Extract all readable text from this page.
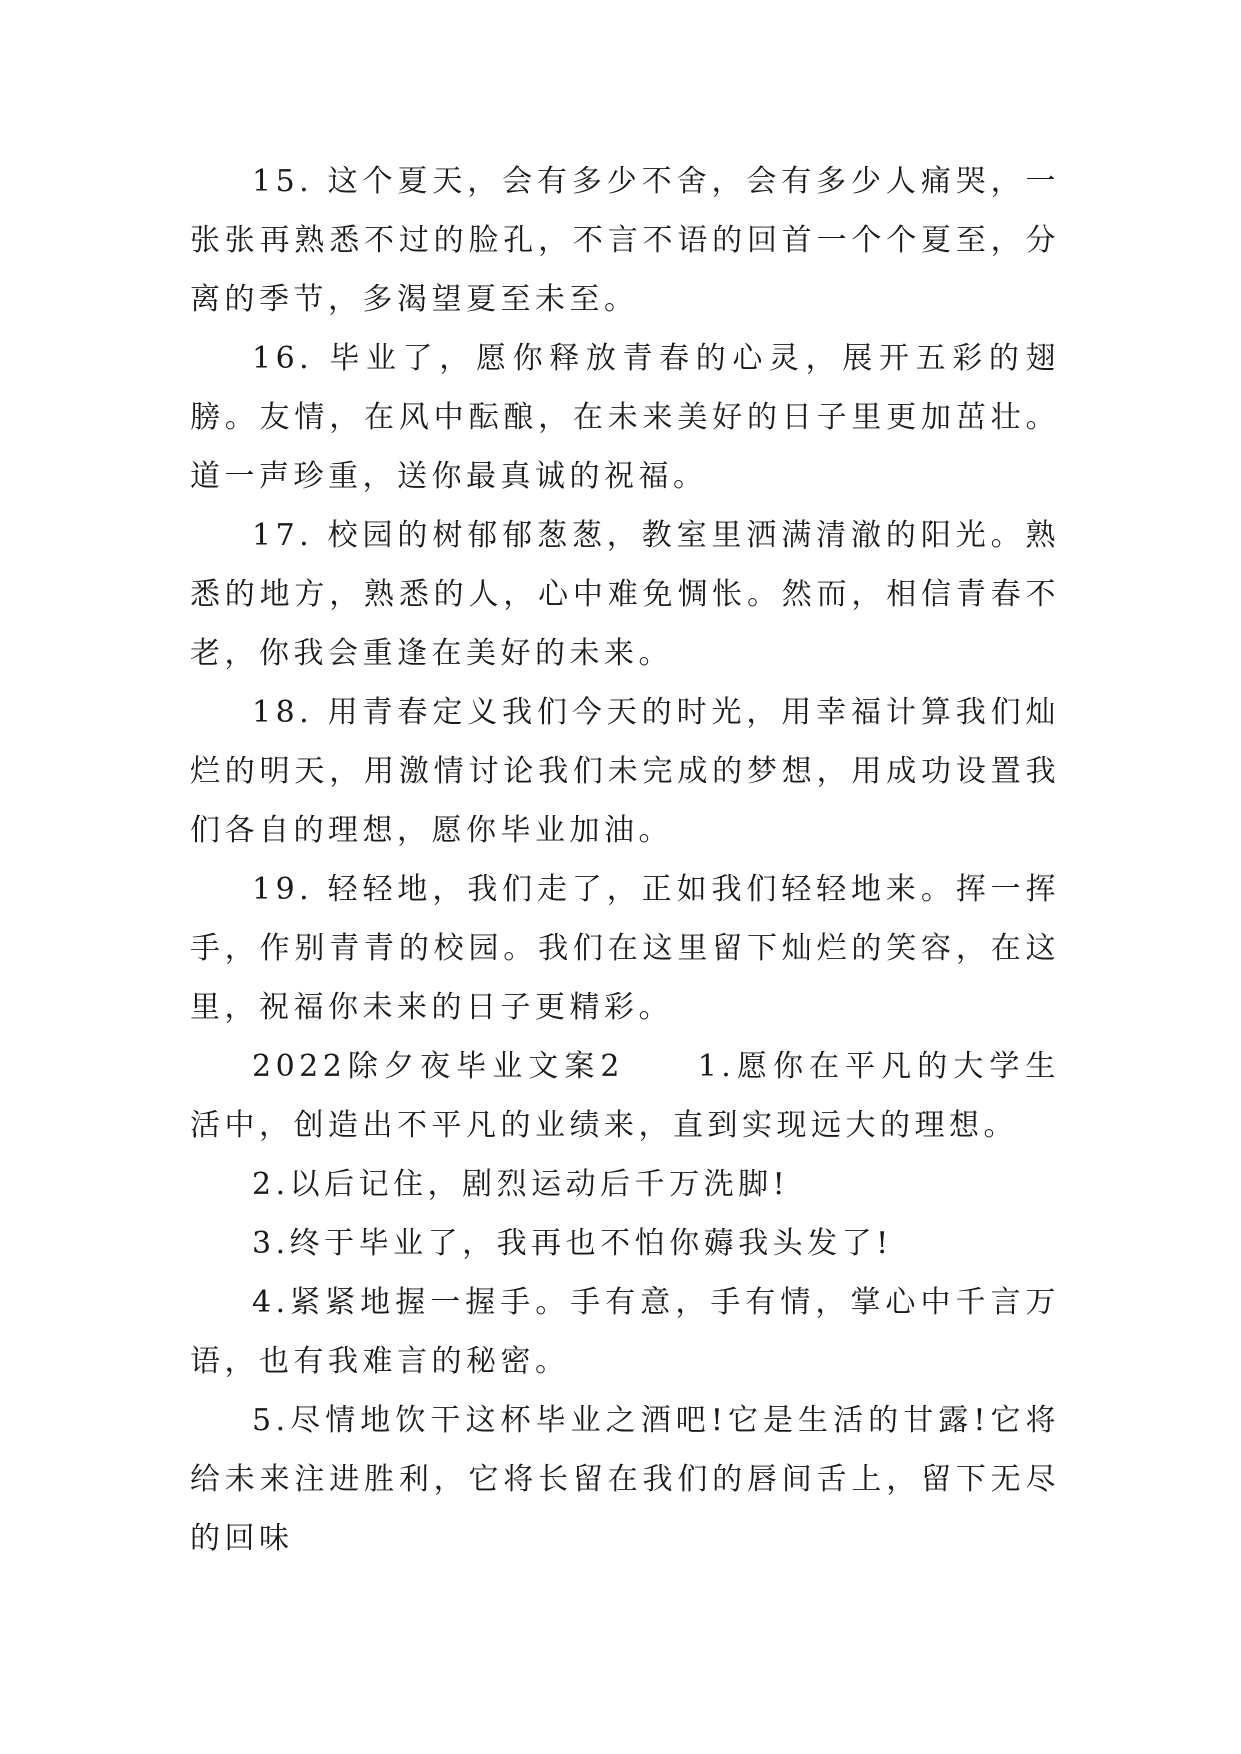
15. 这个夏天，会有多少不舍，会有多少人痛哭，一张张再熟悉不过的脸孔，不言不语的回首一个个夏至，分离的季节，多渴望夏至未至。

16. 毕业了，愿你释放青春的心灵，展开五彩的翅膀。友情，在风中酝酿，在未来美好的日子里更加茁壮。道一声珍重，送你最真诚的祝福。

17. 校园的树郁郁葱葱，教室里洒满清澈的阳光。熟悉的地方，熟悉的人，心中难免惆怅。然而，相信青春不老，你我会重逢在美好的未来。

18. 用青春定义我们今天的时光，用幸福计算我们灿烂的明天，用激情讨论我们未完成的梦想，用成功设置我们各自的理想，愿你毕业加油。

19. 轻轻地，我们走了，正如我们轻轻地来。挥一挥手，作别青青的校园。我们在这里留下灿烂的笑容，在这里，祝福你未来的日子更精彩。

2022除夕夜毕业文案2　　1.愿你在平凡的大学生活中，创造出不平凡的业绩来，直到实现远大的理想。

2.以后记住，剧烈运动后千万洗脚!

3.终于毕业了，我再也不怕你薅我头发了!

4.紧紧地握一握手。手有意，手有情，掌心中千言万语，也有我难言的秘密。

5.尽情地饮干这杯毕业之酒吧!它是生活的甘露!它将给未来注进胜利，它将长留在我们的唇间舌上，留下无尽的回味
